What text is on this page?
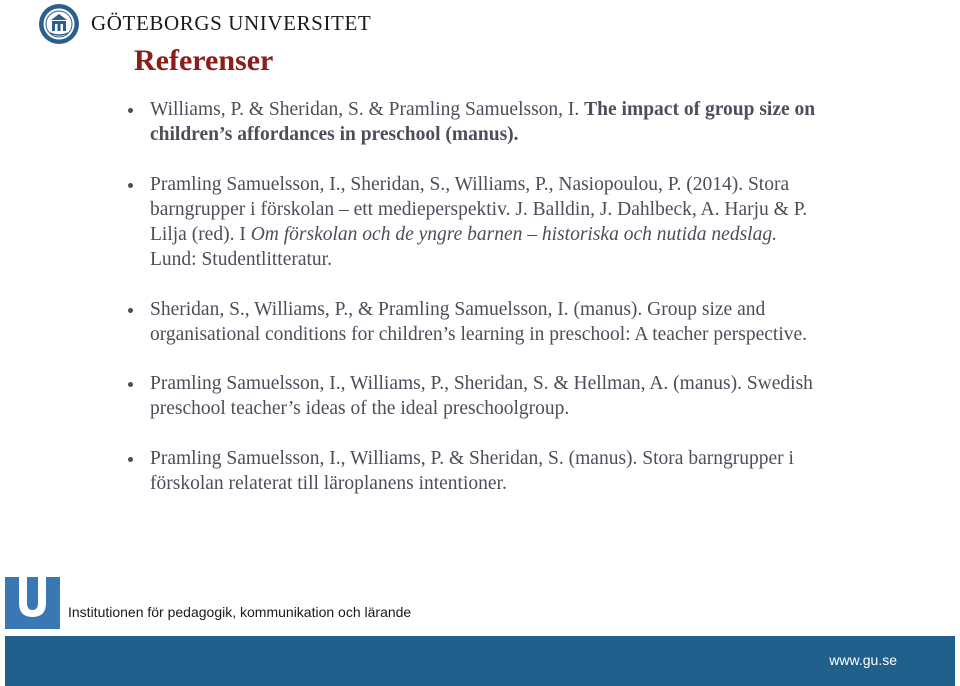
GÖTEBORGS UNIVERSITET
Referenser
Williams, P. & Sheridan, S. & Pramling Samuelsson, I. The impact of group size on children’s affordances in preschool (manus).
Pramling Samuelsson, I., Sheridan, S., Williams, P., Nasiopoulou, P. (2014). Stora barngrupper i förskolan – ett medieperspektiv. J. Balldin, J. Dahlbeck, A. Harju & P. Lilja (red). I Om förskolan och de yngre barnen – historiska och nutida nedslag. Lund: Studentlitteratur.
Sheridan, S., Williams, P., & Pramling Samuelsson, I. (manus). Group size and organisational conditions for children’s learning in preschool: A teacher perspective.
Pramling Samuelsson, I., Williams, P., Sheridan, S. & Hellman, A. (manus). Swedish preschool teacher’s ideas of the ideal preschoolgroup.
Pramling Samuelsson, I., Williams, P. & Sheridan, S. (manus). Stora barngrupper i förskolan relaterat till läroplanens intentioner.
Institutionen för pedagogik, kommunikation och lärande
www.gu.se
